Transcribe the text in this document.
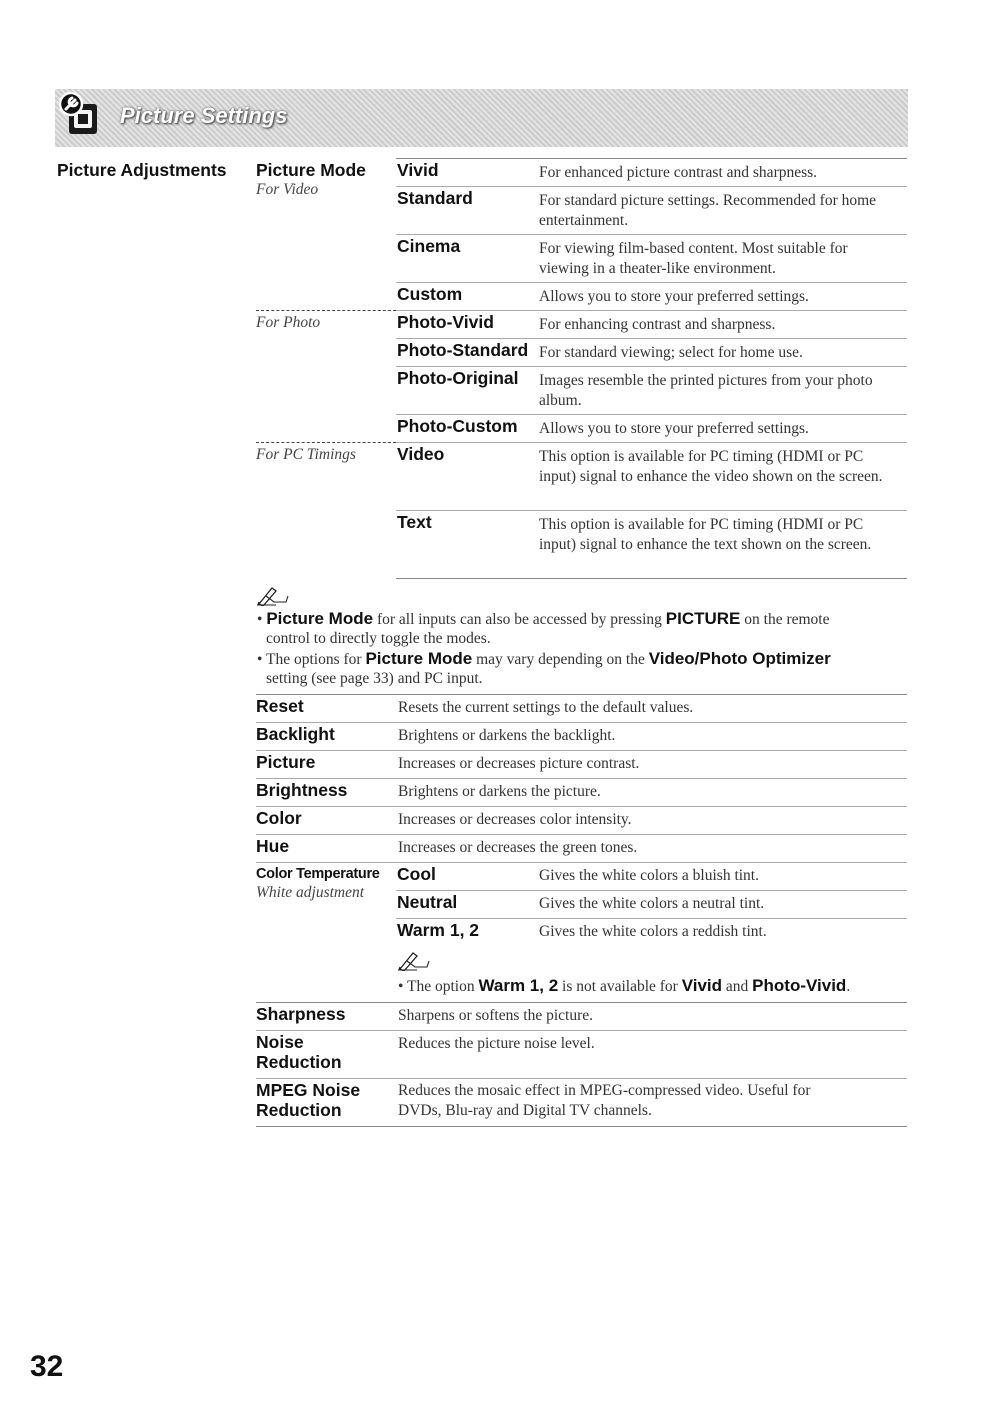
Picture Settings
Picture Adjustments Picture Mode
For Video
For Photo
For PC Timings
Vivid
Standard
Cinema
Custom
Photo-Vivid
Photo-Standard
Photo-Original
Photo-Custom
Video
Text
For enhanced picture contrast and sharpness.
For standard picture settings. Recommended for home entertainment.
For viewing film-based content. Most suitable for viewing in a theater-like environment.
Allows you to store your preferred settings.
For enhancing contrast and sharpness.
For standard viewing; select for home use.
Images resemble the printed pictures from your photo album.
Allows you to store your preferred settings.
This option is available for PC timing (HDMI or PC input) signal to enhance the video shown on the screen.
This option is available for PC timing (HDMI or PC input) signal to enhance the text shown on the screen.
• Picture Mode for all inputs can also be accessed by pressing PICTURE on the remote
control to directly toggle the modes.
• The options for Picture Mode may vary depending on the Video/Photo Optimizer
setting (see page 33) and PC input.
Reset
Backlight
Picture
Brightness
Color
Hue
Resets the current settings to the default values.
Brightens or darkens the backlight.
Increases or decreases picture contrast.
Brightens or darkens the picture.
Increases or decreases color intensity.
Increases or decreases the green tones.
Color Temperature
White adjustment
Cool
Neutral
Warm 1, 2
Gives the white colors a bluish tint.
Gives the white colors a neutral tint.
Gives the white colors a reddish tint.
• The option Warm 1, 2 is not available for Vivid and Photo-Vivid.
Sharpness
Noise
Reduction
MPEG Noise
Reduction
Sharpens or softens the picture.
Reduces the picture noise level.
Reduces the mosaic effect in MPEG-compressed video. Useful for
DVDs, Blu-ray and Digital TV channels.
32
